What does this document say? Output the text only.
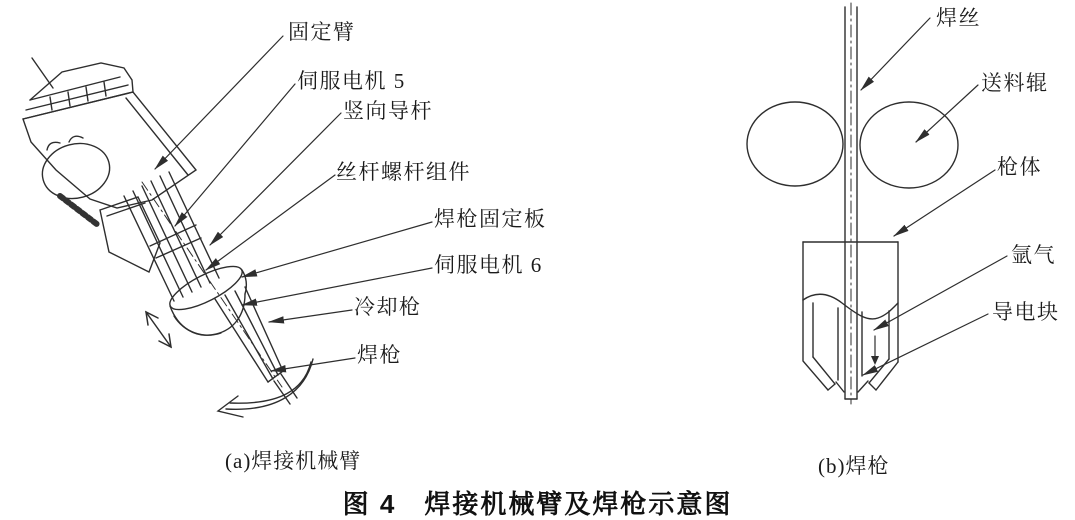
固定臂
伺服电机 5
竖向导杆
丝杆螺杆组件
焊枪固定板
伺服电机 6
冷却枪
焊枪
焊丝
送料辊
枪体
氩气
导电块
(a)焊接机械臂	(b)焊枪
图 4　焊接机械臂及焊枪示意图
